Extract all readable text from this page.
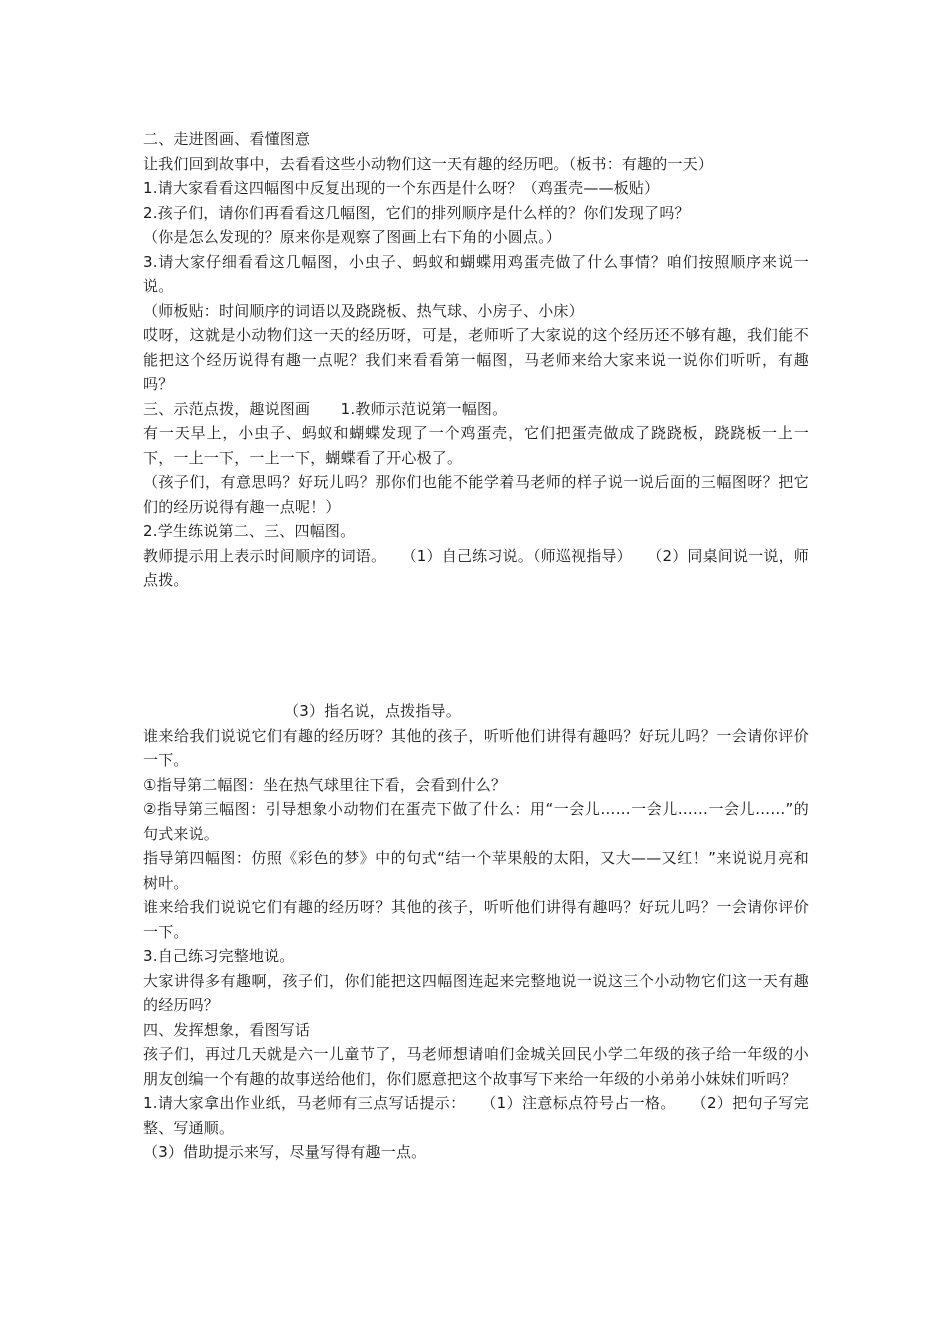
二、走进图画、看懂图意

让我们回到故事中，去看看这些小动物们这一天有趣的经历吧。（板书：有趣的一天）

1.请大家看看这四幅图中反复出现的一个东西是什么呀？（鸡蛋壳——板贴）

2.孩子们，请你们再看看这几幅图，它们的排列顺序是什么样的？你们发现了吗？

（你是怎么发现的？原来你是观察了图画上右下角的小圆点。）

3.请大家仔细看看这几幅图，小虫子、蚂蚁和蝴蝶用鸡蛋壳做了什么事情？咱们按照顺序来说一说。

（师板贴：时间顺序的词语以及跷跷板、热气球、小房子、小床）

哎呀，这就是小动物们这一天的经历呀，可是，老师听了大家说的这个经历还不够有趣，我们能不能把这个经历说得有趣一点呢？我们来看看第一幅图，马老师来给大家来说一说你们听听，有趣吗？

三、示范点拨，趣说图画　　1.教师示范说第一幅图。

有一天早上，小虫子、蚂蚁和蝴蝶发现了一个鸡蛋壳，它们把蛋壳做成了跷跷板，跷跷板一上一下，一上一下，一上一下，蝴蝶看了开心极了。

（孩子们，有意思吗？好玩儿吗？那你们也能不能学着马老师的样子说一说后面的三幅图呀？把它们的经历说得有趣一点呢！）

2.学生练说第二、三、四幅图。

教师提示用上表示时间顺序的词语。　　（1）自己练习说。（师巡视指导）　　（2）同桌间说一说，师点拨。

（3）指名说，点拨指导。

谁来给我们说说它们有趣的经历呀？其他的孩子，听听他们讲得有趣吗？好玩儿吗？一会请你评价一下。

①指导第二幅图：坐在热气球里往下看，会看到什么？

②指导第三幅图：引导想象小动物们在蛋壳下做了什么：用“一会儿……一会儿……一会儿……”的句式来说。

指导第四幅图：仿照《彩色的梦》中的句式“结一个苹果般的太阳，又大——又红！”来说说月亮和树叶。

谁来给我们说说它们有趣的经历呀？其他的孩子，听听他们讲得有趣吗？好玩儿吗？一会请你评价一下。

3.自己练习完整地说。

大家讲得多有趣啊，孩子们，你们能把这四幅图连起来完整地说一说这三个小动物它们这一天有趣的经历吗？

四、发挥想象，看图写话

孩子们，再过几天就是六一儿童节了，马老师想请咱们金城关回民小学二年级的孩子给一年级的小朋友创编一个有趣的故事送给他们，你们愿意把这个故事写下来给一年级的小弟弟小妹妹们听吗？

1.请大家拿出作业纸，马老师有三点写话提示：　　（1）注意标点符号占一格。　　（2）把句子写完整、写通顺。

（3）借助提示来写，尽量写得有趣一点。
